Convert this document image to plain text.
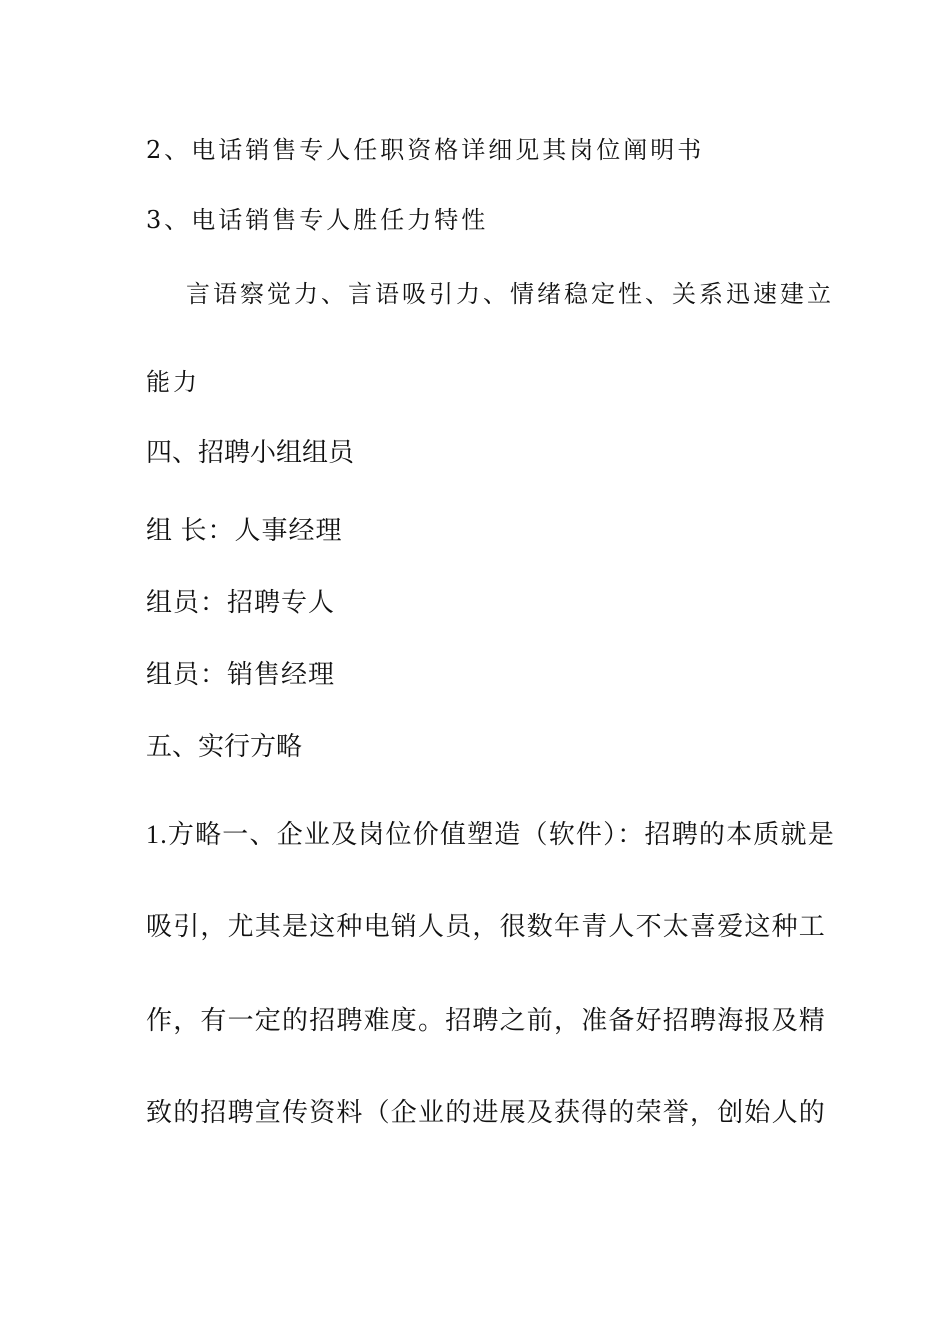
2、电话销售专人任职资格详细见其岗位阐明书

3、电话销售专人胜任力特性

言语察觉力、言语吸引力、情绪稳定性、关系迅速建立

能力

四、招聘小组组员

组 长：人事经理

组员：招聘专人

组员：销售经理

五、实行方略

1.方略一、企业及岗位价值塑造（软件）：招聘的本质就是

吸引，尤其是这种电销人员，很数年青人不太喜爱这种工

作，有一定的招聘难度。招聘之前，准备好招聘海报及精

致的招聘宣传资料（企业的进展及获得的荣誉，创始人的
